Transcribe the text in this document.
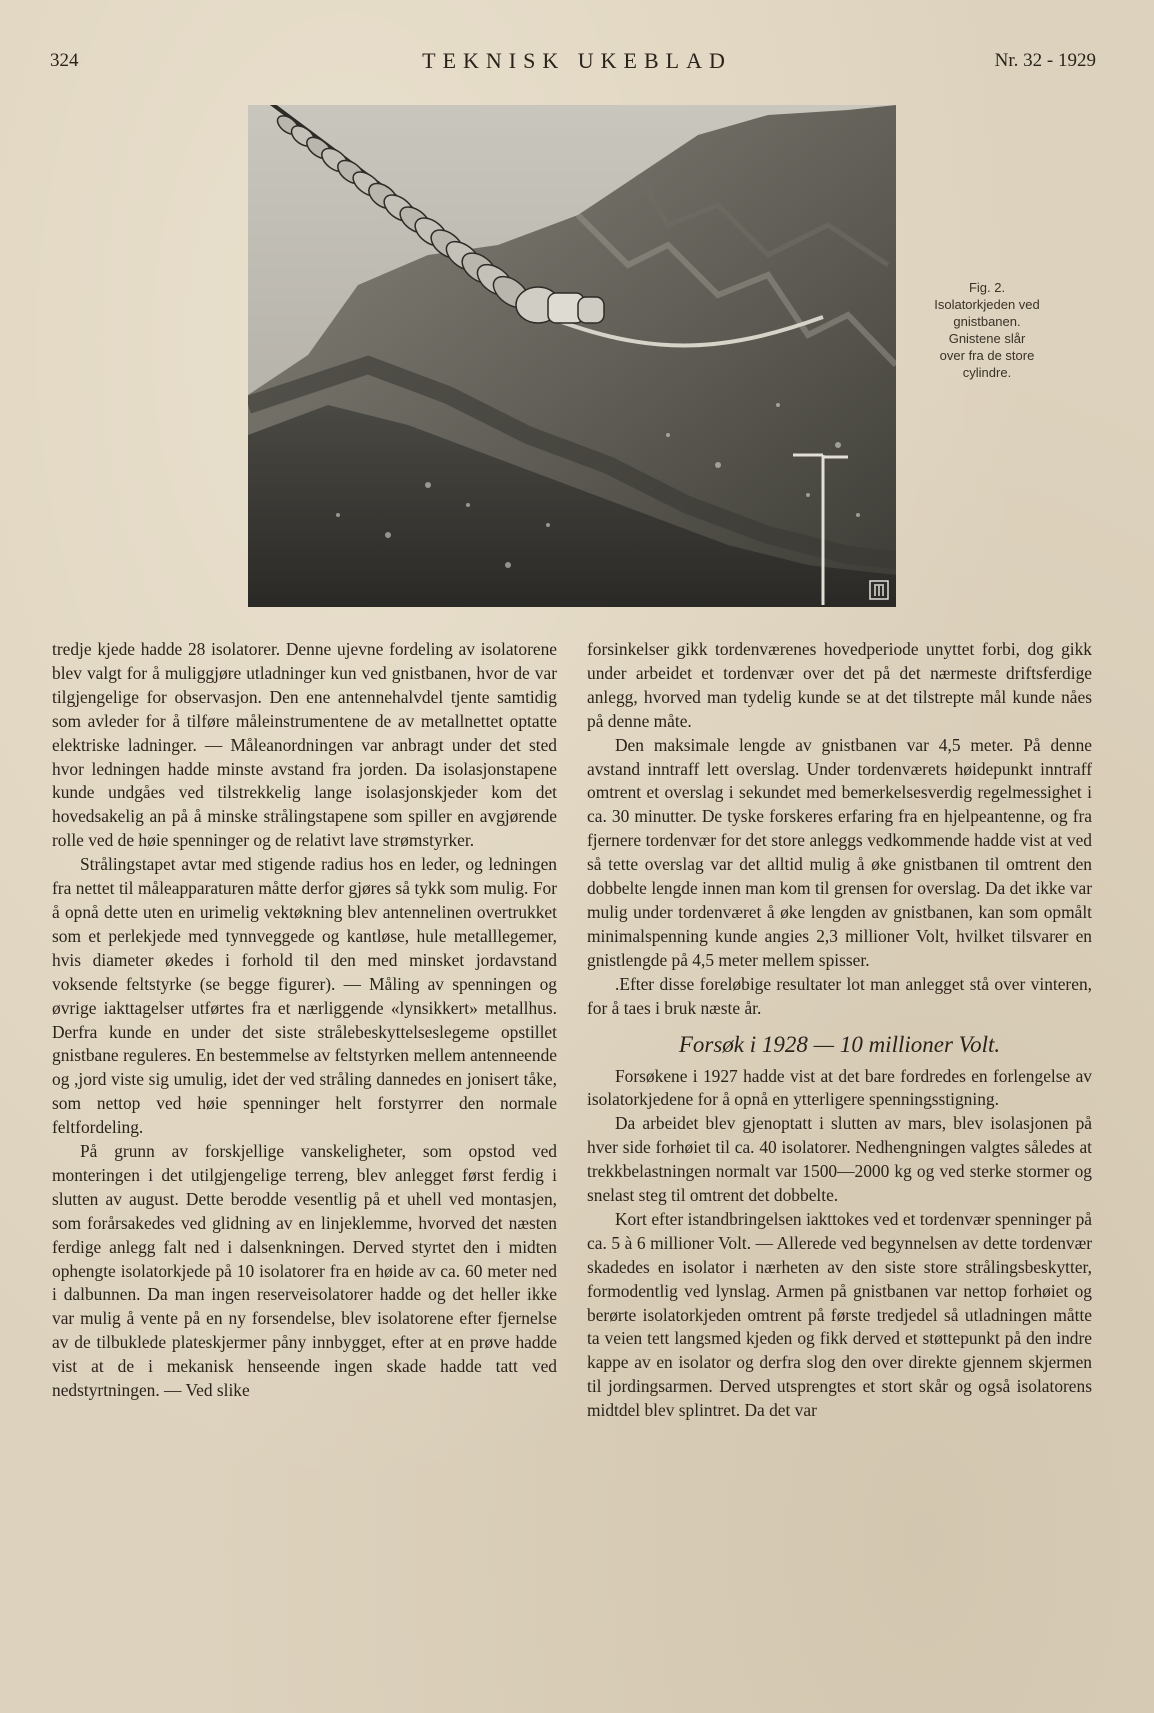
324	TEKNISK UKEBLAD	Nr. 32 - 1929
Fig. 2.
Isolatorkjeden ved
gnistbanen.
Gnistene slår
over fra de store
cylindre.

tredje kjede hadde 28 isolatorer. Denne ujevne fordeling av isolatorene blev valgt for å muliggjøre utladninger kun ved gnistbanen, hvor de var tilgjengelige for observasjon. Den ene antennehalvdel tjente samtidig som avleder for å tilføre måleinstrumentene de av metallnettet optatte elektriske ladninger. — Måleanordningen var anbragt under det sted hvor ledningen hadde minste avstand fra jorden. Da isolasjonstapene kunde undgåes ved tilstrekkelig lange isolasjonskjeder kom det hovedsakelig an på å minske strålingstapene som spiller en avgjørende rolle ved de høie spenninger og de relativt lave strømstyrker.

Strålingstapet avtar med stigende radius hos en leder, og ledningen fra nettet til måleapparaturen måtte derfor gjøres så tykk som mulig. For å opnå dette uten en urimelig vektøkning blev antennelinen overtrukket som et perlekjede med tynnveggede og kantløse, hule metalllegemer, hvis diameter økedes i forhold til den med minsket jordavstand voksende feltstyrke (se begge figurer). — Måling av spenningen og øvrige iakttagelser utførtes fra et nærliggende «lynsikkert» metallhus. Derfra kunde en under det siste strålebeskyttelseslegeme opstillet gnistbane reguleres. En bestemmelse av feltstyrken mellem antenneende og ,jord viste sig umulig, idet der ved stråling dannedes en jonisert tåke, som nettop ved høie spenninger helt forstyrrer den normale feltfordeling.

På grunn av forskjellige vanskeligheter, som opstod ved monteringen i det utilgjengelige terreng, blev anlegget først ferdig i slutten av august. Dette berodde vesentlig på et uhell ved montasjen, som forårsakedes ved glidning av en linjeklemme, hvorved det næsten ferdige anlegg falt ned i dalsenkningen. Derved styrtet den i midten ophengte isolatorkjede på 10 isolatorer fra en høide av ca. 60 meter ned i dalbunnen. Da man ingen reserveisolatorer hadde og det heller ikke var mulig å vente på en ny forsendelse, blev isolatorene efter fjernelse av de tilbuklede plateskjermer påny innbygget, efter at en prøve hadde vist at de i mekanisk henseende ingen skade hadde tatt ved nedstyrtningen. — Ved slike

forsinkelser gikk tordenværenes hovedperiode unyttet forbi, dog gikk under arbeidet et tordenvær over det på det nærmeste driftsferdige anlegg, hvorved man tydelig kunde se at det tilstrepte mål kunde nåes på denne måte.

Den maksimale lengde av gnistbanen var 4,5 meter. På denne avstand inntraff lett overslag. Under tordenværets høidepunkt inntraff omtrent et overslag i sekundet med bemerkelsesverdig regelmessighet i ca. 30 minutter. De tyske forskeres erfaring fra en hjelpeantenne, og fra fjernere tordenvær for det store anleggs vedkommende hadde vist at ved så tette overslag var det alltid mulig å øke gnistbanen til omtrent den dobbelte lengde innen man kom til grensen for overslag. Da det ikke var mulig under tordenværet å øke lengden av gnistbanen, kan som opmålt minimalspenning kunde angies 2,3 millioner Volt, hvilket tilsvarer en gnistlengde på 4,5 meter mellem spisser.

.Efter disse foreløbige resultater lot man anlegget stå over vinteren, for å taes i bruk næste år.

Forsøk i 1928 — 10 millioner Volt.

Forsøkene i 1927 hadde vist at det bare fordredes en forlengelse av isolatorkjedene for å opnå en ytterligere spenningsstigning.

Da arbeidet blev gjenoptatt i slutten av mars, blev isolasjonen på hver side forhøiet til ca. 40 isolatorer. Nedhengningen valgtes således at trekkbelastningen normalt var 1500—2000 kg og ved sterke stormer og snelast steg til omtrent det dobbelte.

Kort efter istandbringelsen iakttokes ved et tordenvær spenninger på ca. 5 à 6 millioner Volt. — Allerede ved begynnelsen av dette tordenvær skadedes en isolator i nærheten av den siste store strålingsbeskytter, formodentlig ved lynslag. Armen på gnistbanen var nettop forhøiet og berørte isolatorkjeden omtrent på første tredjedel så utladningen måtte ta veien tett langsmed kjeden og fikk derved et støttepunkt på den indre kappe av en isolator og derfra slog den over direkte gjennem skjermen til jordingsarmen. Derved utsprengtes et stort skår og også isolatorens midtdel blev splintret. Da det var
